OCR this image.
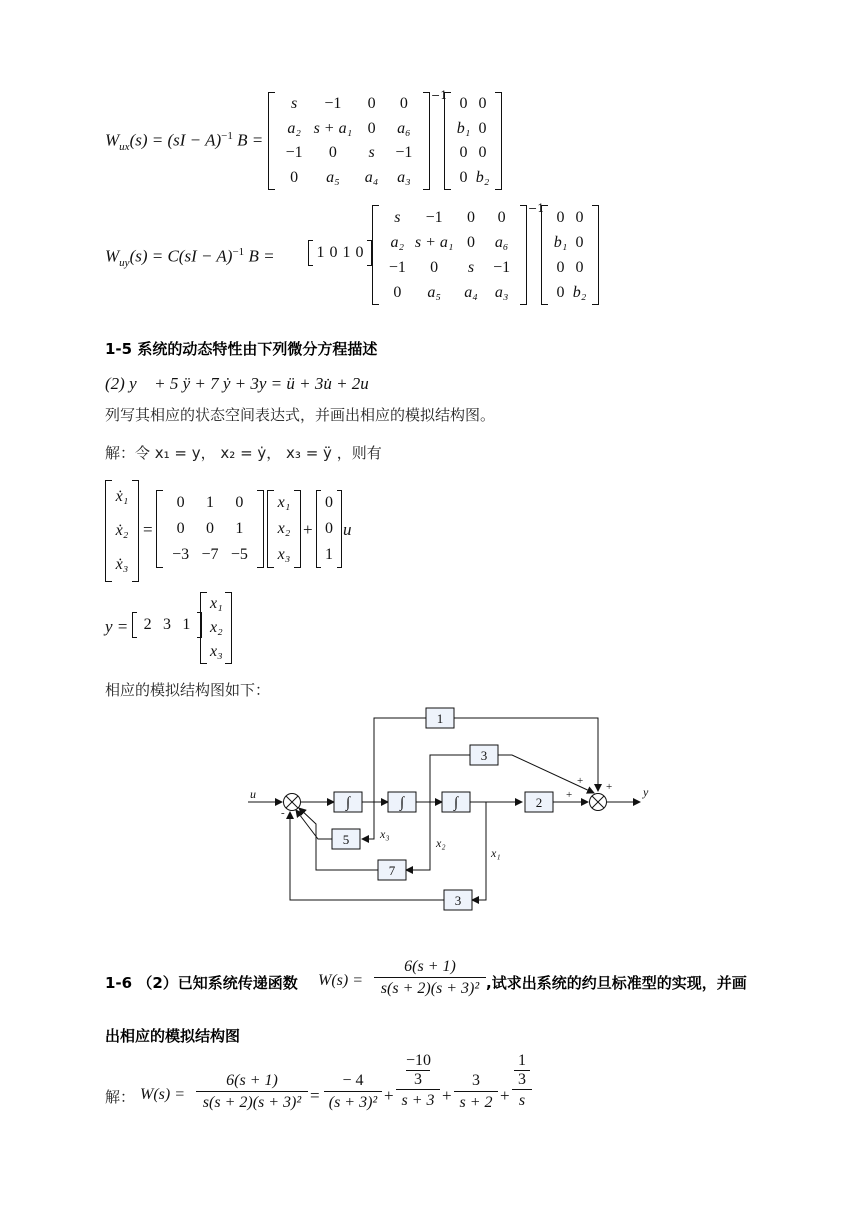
$W_{ux}(s) = (sI - A)^{-1}$ B =
s −1 0 0
a₂ s + a₁ 0 a₆
−1 0 s −1
0 a₅ a₄ a₃
−1 0 0
b₁ 0
0 0
0 b₂
$W_{uy}(s) = C(sI - A)^{-1}$ B =	1 0 1 0
s −1 0 0
a₂ s + a₁ 0 a₆
−1 0 s −1
0 a₅ a₄ a₃
−1 0 0
b₁ 0
0 0
0 b₂
1-5 系统的动态特性由下列微分方程描述
(2) y⃛ + 5 ÿ + 7 ẏ + 3y = ü + 3u̇ + 2u
列写其相应的状态空间表达式，并画出相应的模拟结构图。
解：令 x₁ = y， x₂ = ẏ， x₃ = ÿ ，则有
ẋ₁
ẋ₂
ẋ₃
=
0 1 0
0 0 1
−3 −7 −5
x₁
x₂
x₃
+
0
0
1
u
y = 2 3 1
x₁
x₂
x₃
相应的模拟结构图如下：
∫	∫	∫
1
3
2
5
7
3
u	y
x₃
x₂
x₁
+ +
+
-
1-6 （2）已知系统传递函数 $W(s) = \frac{6(s + 1)}{\text{s(s + 2)(s + 3)²}}$ ,试求出系统的约旦标准型的实现，并画
出相应的模拟结构图
解： $W(s) = \frac{6(s + 1)}{\text{s(s + 2)(s + 3)²}} = \frac{- 4}{\text{(s + 3)²}} + -10$
3
$s + 3 + \frac{3}{s + 2} + 1$
3
s
